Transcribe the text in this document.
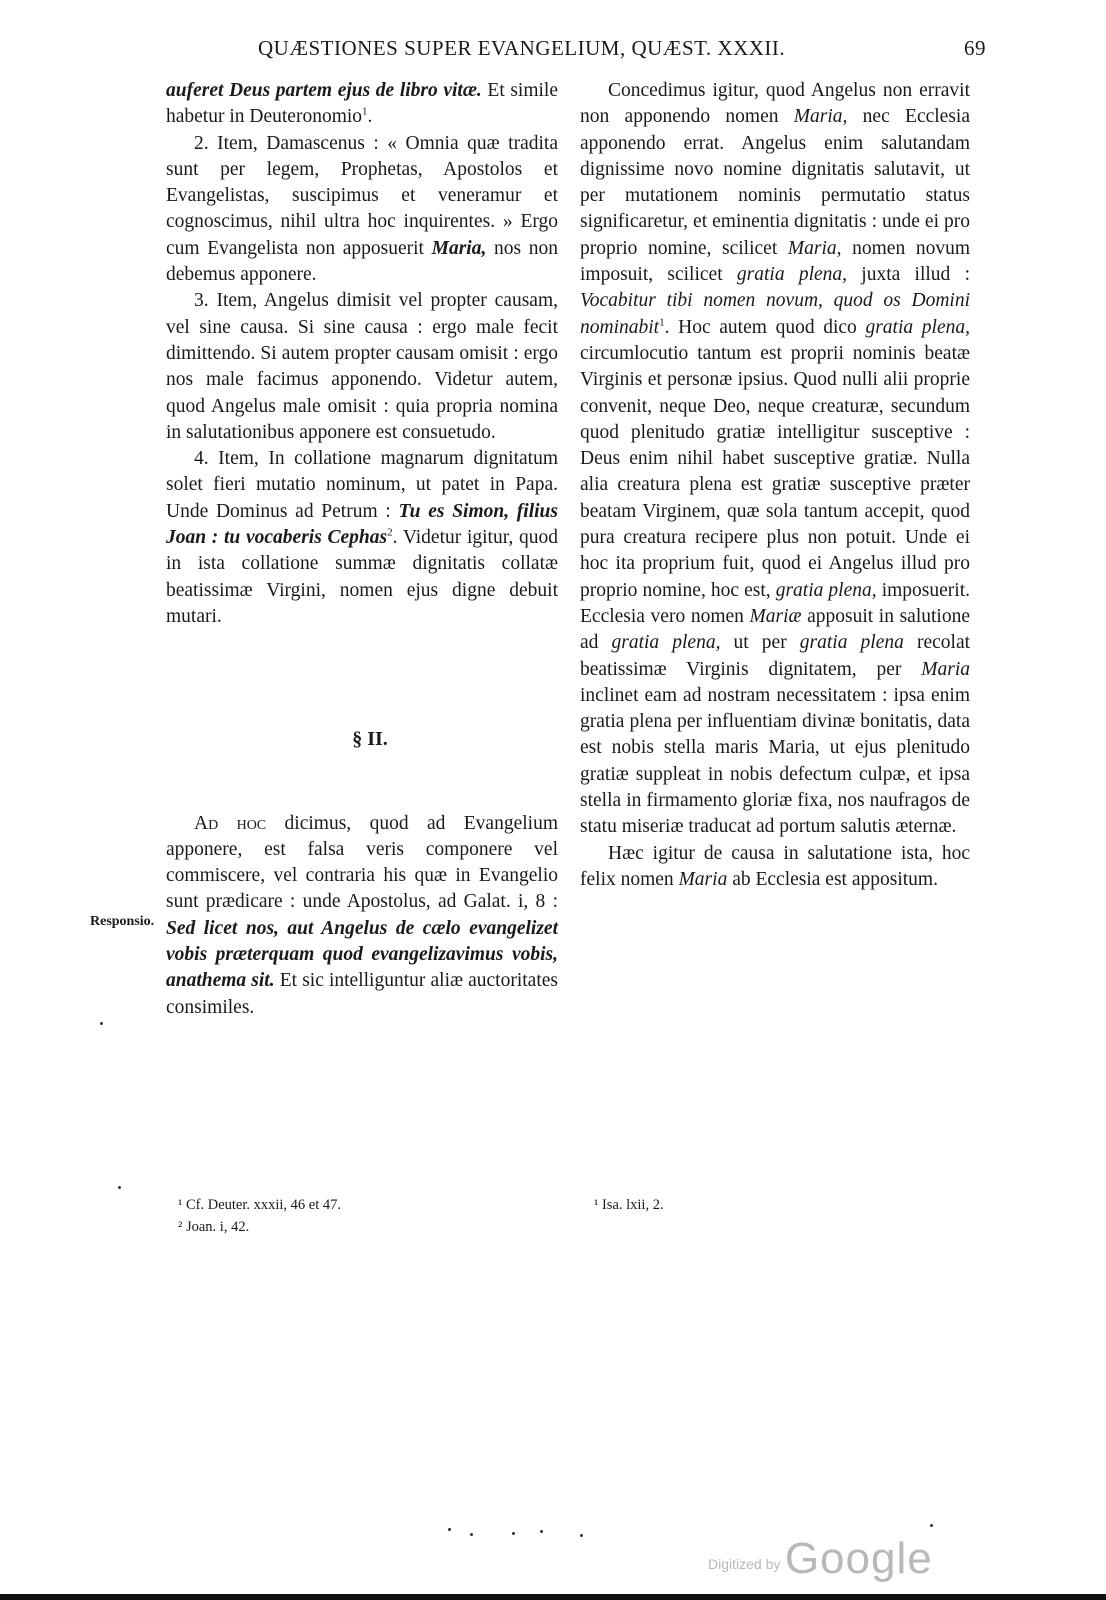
QUÆSTIONES SUPER EVANGELIUM, QUÆST. XXXII.	69

auferet Deus partem ejus de libro vitæ. Et simile habetur in Deuteronomio$^1$.

2. Item, Damascenus : « Omnia quæ tradita sunt per legem, Prophetas, Apostolos et Evangelistas, suscipimus et veneramur et cognoscimus, nihil ultra hoc inquirentes. » Ergo cum Evangelista non apposuerit Maria, nos non debemus apponere.

3. Item, Angelus dimisit vel propter causam, vel sine causa. Si sine causa : ergo male fecit dimittendo. Si autem propter causam omisit : ergo nos male facimus apponendo. Videtur autem, quod Angelus male omisit : quia propria nomina in salutationibus apponere est consuetudo.

4. Item, In collatione magnarum dignitatum solet fieri mutatio nominum, ut patet in Papa. Unde Dominus ad Petrum : Tu es Simon, filius Joan : tu vocaberis Cephas$^2$. Videtur igitur, quod in ista collatione summæ dignitatis collatæ beatissimæ Virgini, nomen ejus digne debuit mutari.

§ II.

Ad hoc dicimus, quod ad Evangelium apponere, est falsa veris componere vel commiscere, vel contraria his quæ in Evangelio sunt prædicare : unde Apostolus, ad Galat. i, 8 : Sed licet nos, aut Angelus de cælo evangelizet vobis præterquam quod evangelizavimus vobis, anathema sit. Et sic intelliguntur aliæ auctoritates consimiles.

Responsio.

Concedimus igitur, quod Angelus non erravit non apponendo nomen Maria, nec Ecclesia apponendo errat. Angelus enim salutandam dignissime novo nomine dignitatis salutavit, ut per mutationem nominis permutatio status significaretur, et eminentia dignitatis : unde ei pro proprio nomine, scilicet Maria, nomen novum imposuit, scilicet gratia plena, juxta illud : Vocabitur tibi nomen novum, quod os Domini nominabit$^1$. Hoc autem quod dico gratia plena, circumlocutio tantum est proprii nominis beatæ Virginis et personæ ipsius. Quod nulli alii proprie convenit, neque Deo, neque creaturæ, secundum quod plenitudo gratiæ intelligitur susceptive : Deus enim nihil habet susceptive gratiæ. Nulla alia creatura plena est gratiæ susceptive præter beatam Virginem, quæ sola tantum accepit, quod pura creatura recipere plus non potuit. Unde ei hoc ita proprium fuit, quod ei Angelus illud pro proprio nomine, hoc est, gratia plena, imposuerit. Ecclesia vero nomen Mariæ apposuit in salutione ad gratia plena, ut per gratia plena recolat beatissimæ Virginis dignitatem, per Maria inclinet eam ad nostram necessitatem : ipsa enim gratia plena per influentiam divinæ bonitatis, data est nobis stella maris Maria, ut ejus plenitudo gratiæ suppleat in nobis defectum culpæ, et ipsa stella in firmamento gloriæ fixa, nos naufragos de statu miseriæ traducat ad portum salutis æternæ.

Hæc igitur de causa in salutatione ista, hoc felix nomen Maria ab Ecclesia est appositum.

¹ Cf. Deuter. xxxii, 46 et 47.
² Joan. i, 42.
¹ Isa. lxii, 2.
Digitized by Google
